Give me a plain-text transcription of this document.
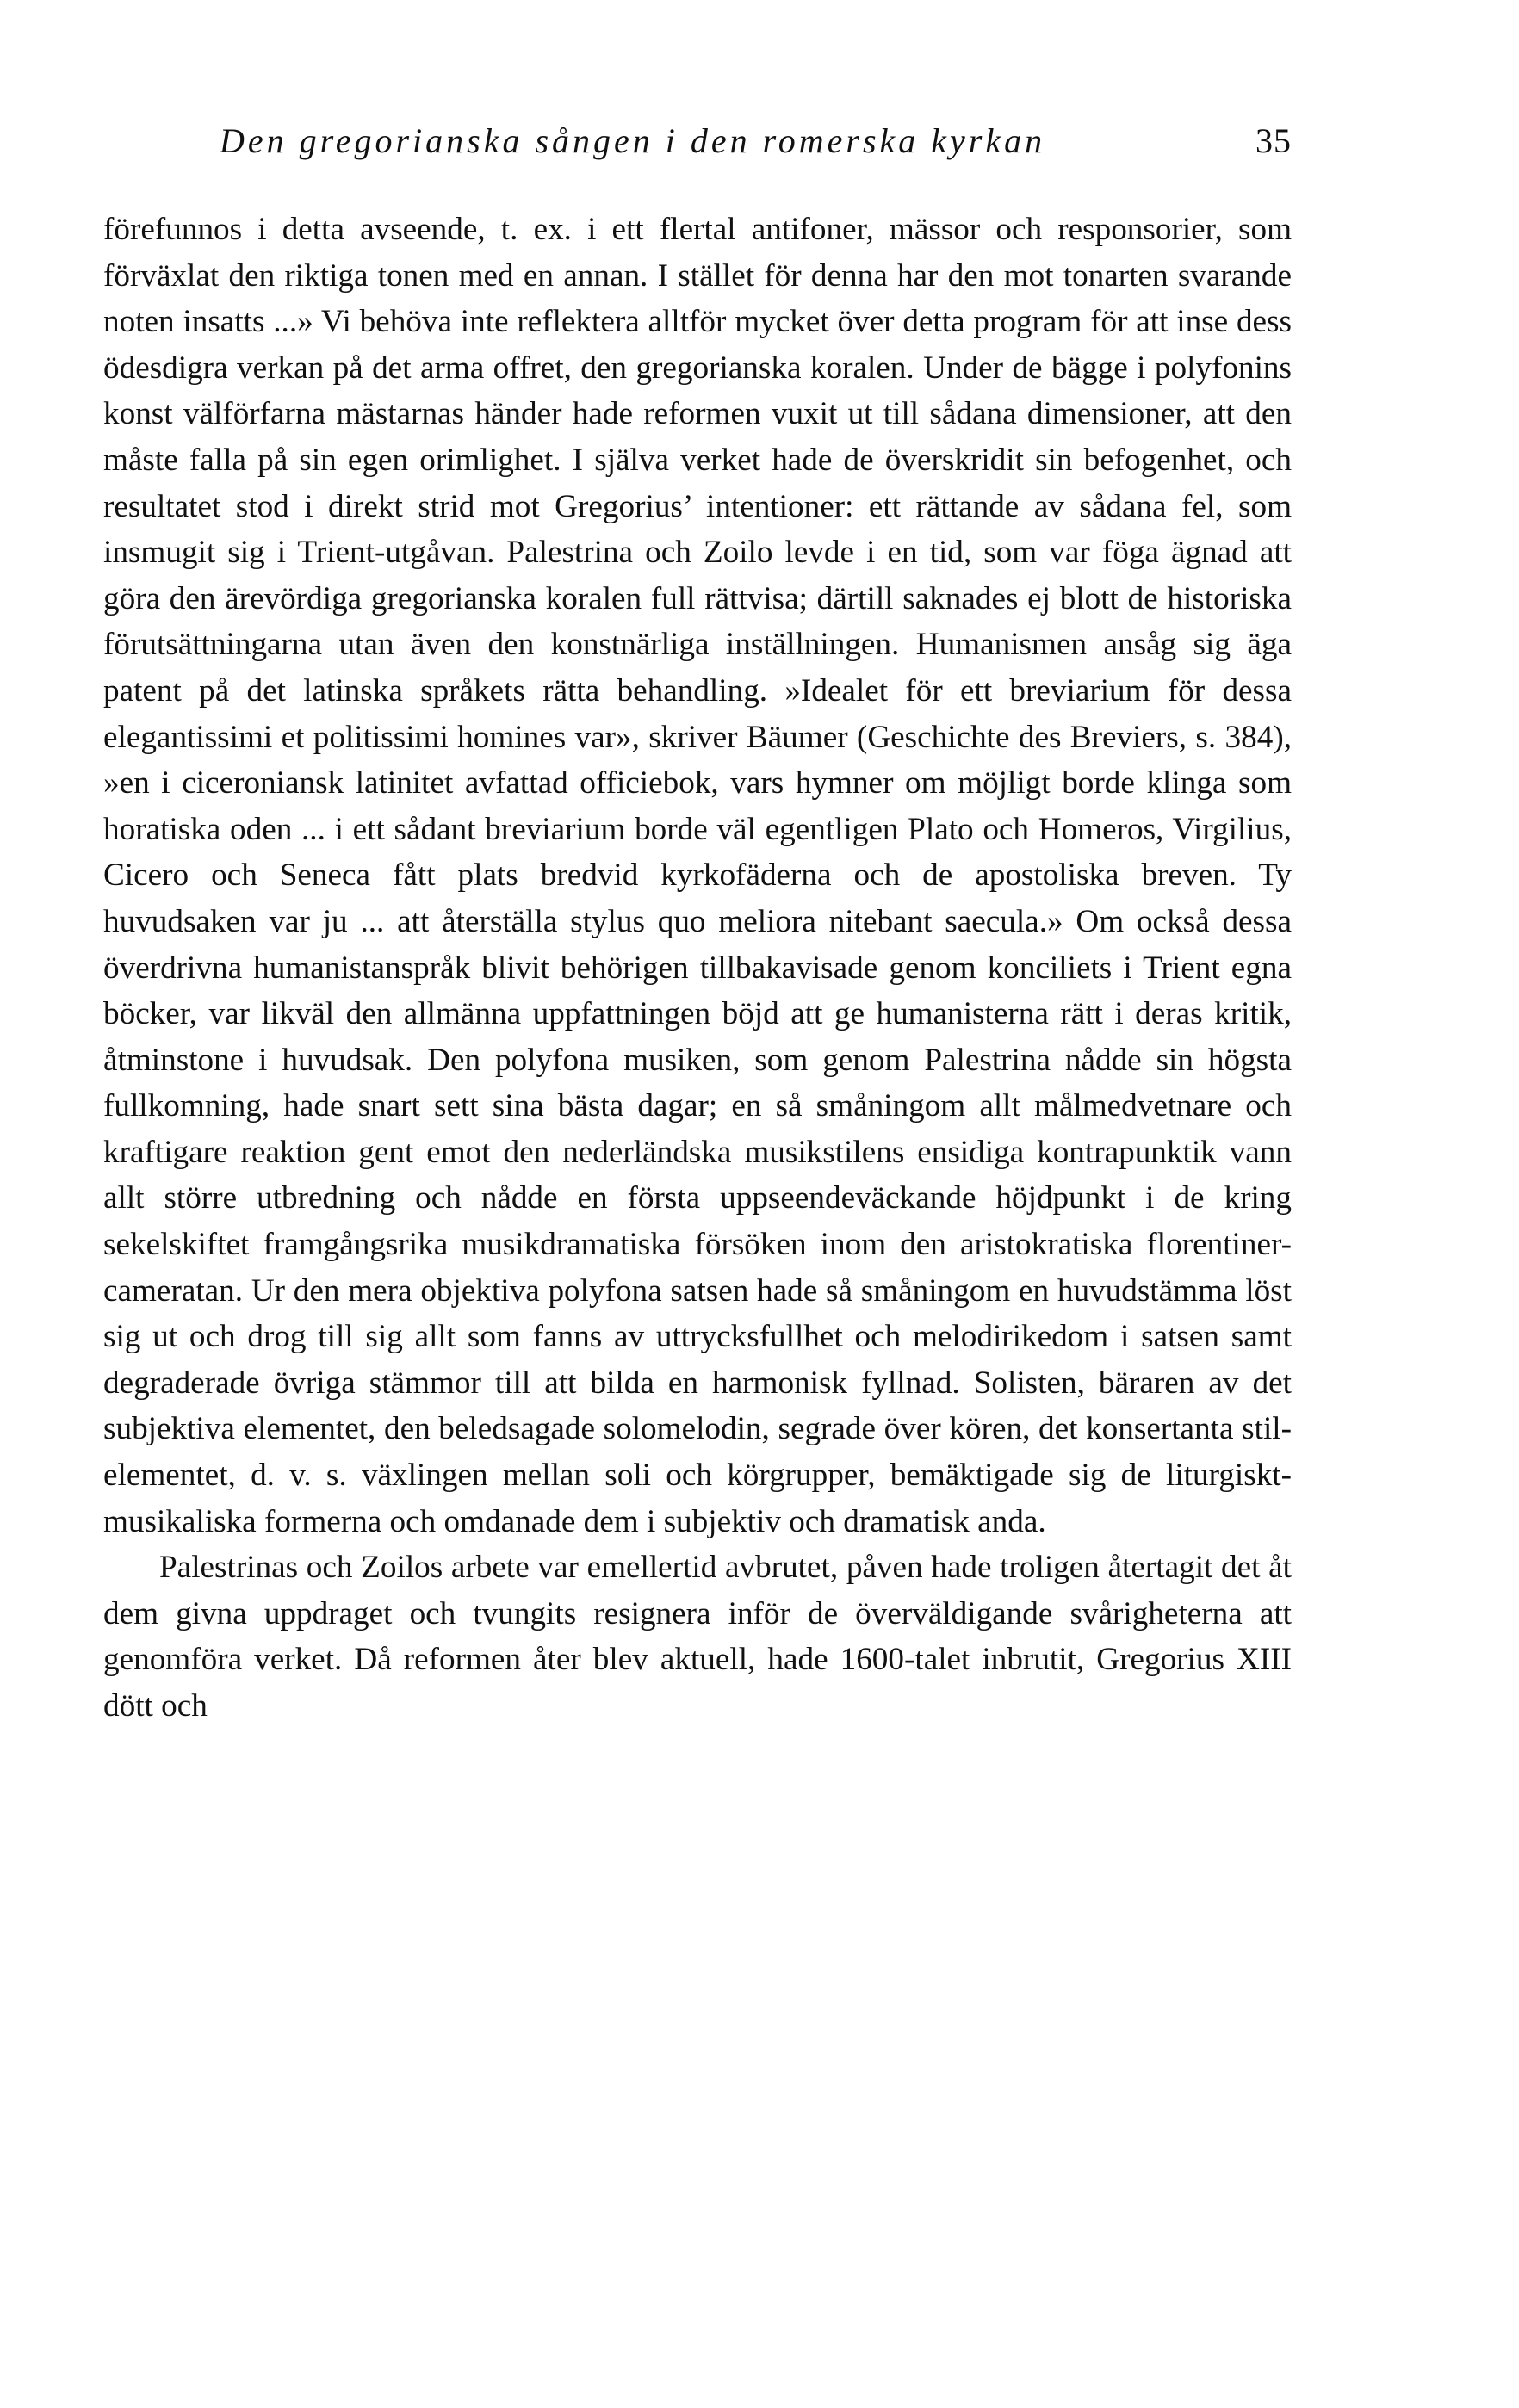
Den gregorianska sången i den romerska kyrkan	35

förefunnos i detta avseende, t. ex. i ett flertal antifoner, mässor och responsorier, som förväxlat den riktiga tonen med en annan. I stället för denna har den mot tonarten svarande noten insatts ...» Vi behöva inte reflektera alltför mycket över detta program för att inse dess ödesdigra verkan på det arma offret, den gregorianska koralen. Under de bägge i polyfonins konst välförfarna mästarnas händer hade reformen vuxit ut till sådana dimensioner, att den måste falla på sin egen orimlighet. I själva verket hade de överskridit sin befogenhet, och resultatet stod i direkt strid mot Gregorius’ intentioner: ett rättande av sådana fel, som insmugit sig i Trient-utgåvan. Palestrina och Zoilo levde i en tid, som var föga ägnad att göra den ärevördiga gregorianska koralen full rättvisa; därtill saknades ej blott de historiska förutsättningarna utan även den konstnärliga inställningen. Humanismen ansåg sig äga patent på det latinska språkets rätta behandling. »Idealet för ett breviarium för dessa elegantissimi et politissimi homines var», skriver Bäumer (Geschichte des Breviers, s. 384), »en i ciceroniansk latinitet avfattad officiebok, vars hymner om möjligt borde klinga som horatiska oden ... i ett sådant breviarium borde väl egentligen Plato och Homeros, Virgilius, Cicero och Seneca fått plats bredvid kyrkofäderna och de apostoliska breven. Ty huvudsaken var ju ... att återställa stylus quo meliora nitebant saecula.» Om också dessa överdrivna humanistanspråk blivit behörigen tillbakavisade genom konciliets i Trient egna böcker, var likväl den allmänna uppfattningen böjd att ge humanisterna rätt i deras kritik, åtminstone i huvudsak. Den polyfona musiken, som genom Palestrina nådde sin högsta fullkomning, hade snart sett sina bästa dagar; en så småningom allt målmedvetnare och kraftigare reaktion gent emot den nederländska musikstilens ensidiga kontrapunktik vann allt större utbredning och nådde en första uppseendeväckande höjdpunkt i de kring sekelskiftet framgångsrika musikdramatiska försöken inom den aristokratiska florentiner-cameratan. Ur den mera objektiva polyfona satsen hade så småningom en huvudstämma löst sig ut och drog till sig allt som fanns av uttrycksfullhet och melodirikedom i satsen samt degraderade övriga stämmor till att bilda en harmonisk fyllnad. Solisten, bäraren av det subjektiva elementet, den beledsagade solomelodin, segrade över kören, det konsertanta stilelementet, d. v. s. växlingen mellan soli och körgrupper, bemäktigade sig de liturgiskt-musikaliska formerna och omdanade dem i subjektiv och dramatisk anda.

Palestrinas och Zoilos arbete var emellertid avbrutet, påven hade troligen återtagit det åt dem givna uppdraget och tvungits resignera inför de överväldigande svårigheterna att genomföra verket. Då reformen åter blev aktuell, hade 1600-talet inbrutit, Gregorius XIII dött och
